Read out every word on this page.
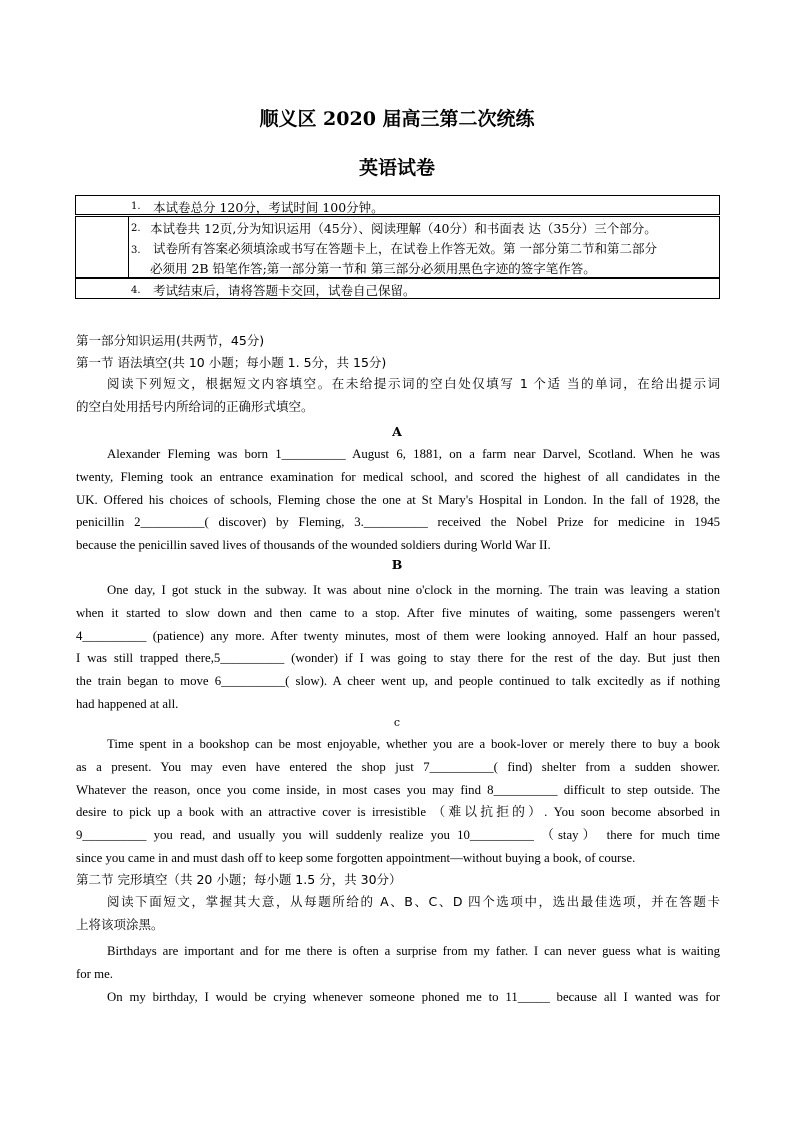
顺义区 2020 届高三第二次统练
英语试卷
1. 本试卷总分 120分，考试时间 100分钟。
2. 本试卷共 12页,分为知识运用（45分）、阅读理解（40分）和书面表 达（35分）三个部分。
3. 试卷所有答案必须填涂或书写在答题卡上，在试卷上作答无效。第 一部分第二节和第二部分
必须用 2B 铅笔作答;第一部分第一节和 第三部分必须用黑色字迹的签字笔作答。
4. 考试结束后，请将答题卡交回，试卷自己保留。
第一部分知识运用(共两节，45分)
第一节 语法填空(共 10 小题；每小题 1. 5分，共 15分)
阅读下列短文，根据短文内容填空。在未给提示词的空白处仅填写 1 个适 当的单词，在给出提示词
的空白处用括号内所给词的正确形式填空。
A
Alexander Fleming was born 1__________ August 6, 1881, on a farm near Darvel, Scotland. When he was
twenty, Fleming took an entrance examination for medical school, and scored the highest of all candidates in the
UK. Offered his choices of schools, Fleming chose the one at St Mary's Hospital in London. In the fall of 1928, the
penicillin 2__________( discover) by Fleming, 3.__________ received the Nobel Prize for medicine in 1945
because the penicillin saved lives of thousands of the wounded soldiers during World War II.
B
One day, I got stuck in the subway. It was about nine o'clock in the morning. The train was leaving a station
when it started to slow down and then came to a stop. After five minutes of waiting, some passengers weren't
4__________ (patience) any more. After twenty minutes, most of them were looking annoyed. Half an hour passed,
I was still trapped there,5__________ (wonder) if I was going to stay there for the rest of the day. But just then
the train began to move 6__________( slow). A cheer went up, and people continued to talk excitedly as if nothing
had happened at all.
c
Time spent in a bookshop can be most enjoyable, whether you are a book-lover or merely there to buy a book
as a present. You may even have entered the shop just 7__________( find) shelter from a sudden shower.
Whatever the reason, once you come inside, in most cases you may find 8__________ difficult to step outside. The
desire to pick up a book with an attractive cover is irresistible （难以抗拒的）. You soon become absorbed in
9__________ you read, and usually you will suddenly realize you 10__________ （stay） there for much time
since you came in and must dash off to keep some forgotten appointment—without buying a book, of course.
第二节 完形填空（共 20 小题；每小题 1.5 分，共 30分）
阅读下面短文，掌握其大意，从每题所给的 A、B、C、D 四个选项中，选出最佳选项，并在答题卡
上将该项涂黑。
Birthdays are important and for me there is often a surprise from my father. I can never guess what is waiting
for me.
On my birthday, I would be crying whenever someone phoned me to 11_____ because all I wanted was for
